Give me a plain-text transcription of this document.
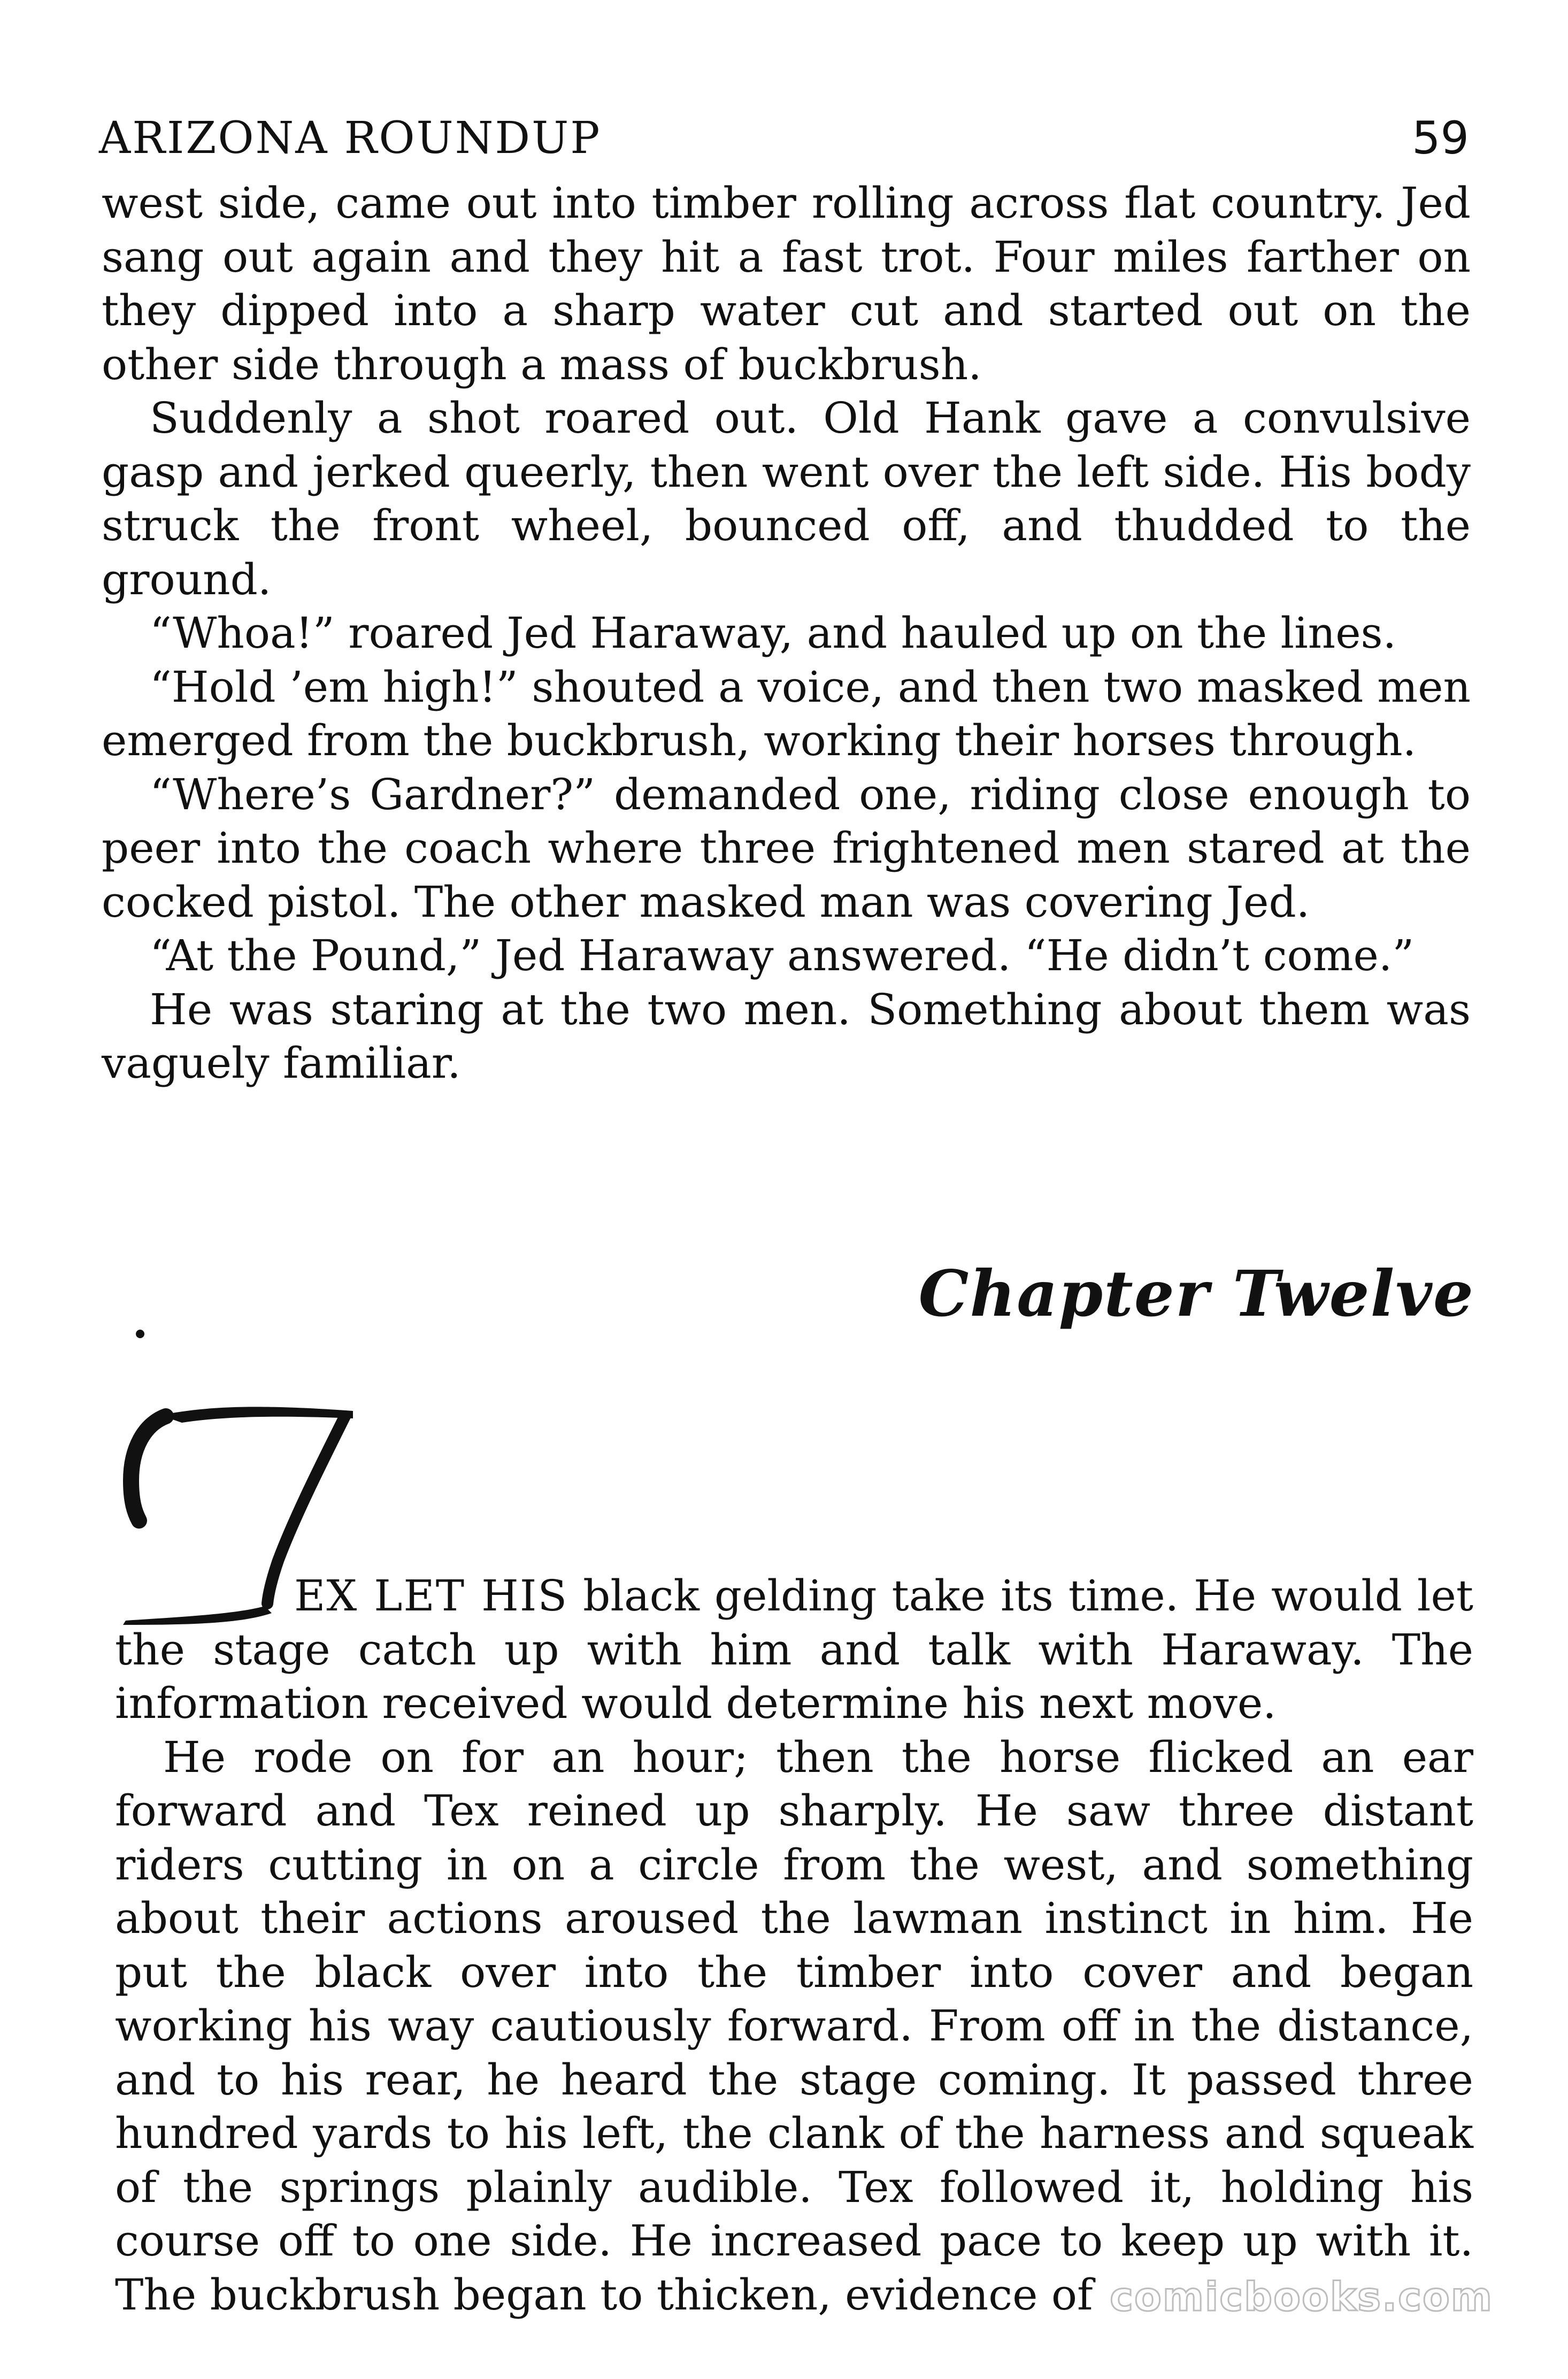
ARIZONA ROUNDUP	59

west side, came out into timber rolling across flat country. Jed sang out again and they hit a fast trot. Four miles farther on they dipped into a sharp water cut and started out on the other side through a mass of buckbrush.

Suddenly a shot roared out. Old Hank gave a convulsive gasp and jerked queerly, then went over the left side. His body struck the front wheel, bounced off, and thudded to the ground.

“Whoa!” roared Jed Haraway, and hauled up on the lines.

“Hold ’em high!” shouted a voice, and then two masked men emerged from the buckbrush, working their horses through.

“Where’s Gardner?” demanded one, riding close enough to peer into the coach where three frightened men stared at the cocked pistol. The other masked man was covering Jed.

“At the Pound,” Jed Haraway answered. “He didn’t come.”

He was staring at the two men. Something about them was vaguely familiar.

Chapter Twelve

EX LET HIS black gelding take its time. He would let the stage catch up with him and talk with Haraway. The information received would determine his next move.

He rode on for an hour; then the horse flicked an ear forward and Tex reined up sharply. He saw three distant riders cutting in on a circle from the west, and something about their actions aroused the lawman instinct in him. He put the black over into the timber into cover and began working his way cautiously forward. From off in the distance, and to his rear, he heard the stage coming. It passed three hundred yards to his left, the clank of the harness and squeak of the springs plainly audible. Tex followed it, holding his course off to one side. He increased pace to keep up with it. The buckbrush began to thicken, evidence of comicbooks.com
